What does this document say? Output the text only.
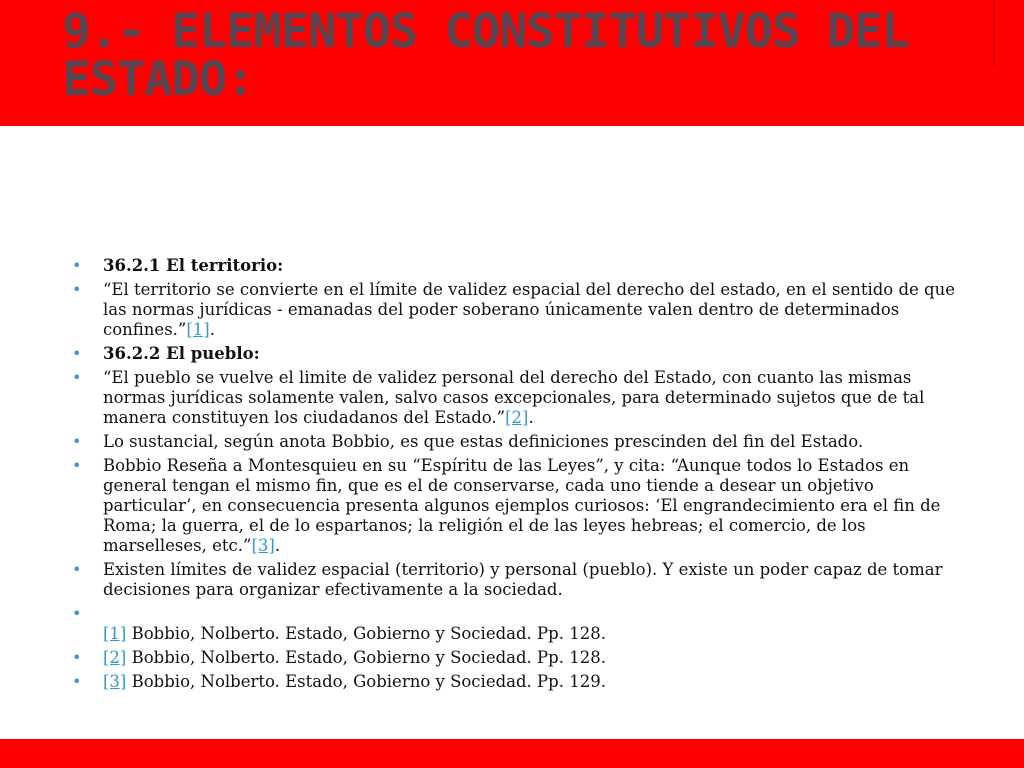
9.- ELEMENTOS CONSTITUTIVOS DEL ESTADO:
• 36.2.1 El territorio:
• “El territorio se convierte en el límite de validez espacial del derecho del estado, en el sentido de que las normas jurídicas - emanadas del poder soberano únicamente valen dentro de determinados confines.”[1].
• 36.2.2 El pueblo:
• “El pueblo se vuelve el limite de validez personal del derecho del Estado, con cuanto las mismas normas jurídicas solamente valen, salvo casos excepcionales, para determinado sujetos que de tal manera constituyen los ciudadanos del Estado.”[2].
• Lo sustancial, según anota Bobbio, es que estas definiciones prescinden del fin del Estado.
• Bobbio Reseña a Montesquieu en su “Espíritu de las Leyes”, y cita: “Aunque todos lo Estados en general tengan el mismo fin, que es el de conservarse, cada uno tiende a desear un objetivo particular’, en consecuencia presenta algunos ejemplos curiosos: ‘El engrandecimiento era el fin de Roma; la guerra, el de lo espartanos; la religión el de las leyes hebreas; el comercio, de los marselleses, etc.”[3].
• Existen límites de validez espacial (territorio) y personal (pueblo). Y existe un poder capaz de tomar decisiones para organizar efectivamente a la sociedad.
•

[1] Bobbio, Nolberto. Estado, Gobierno y Sociedad. Pp. 128.
• [2] Bobbio, Nolberto. Estado, Gobierno y Sociedad. Pp. 128.
• [3] Bobbio, Nolberto. Estado, Gobierno y Sociedad. Pp. 129.
